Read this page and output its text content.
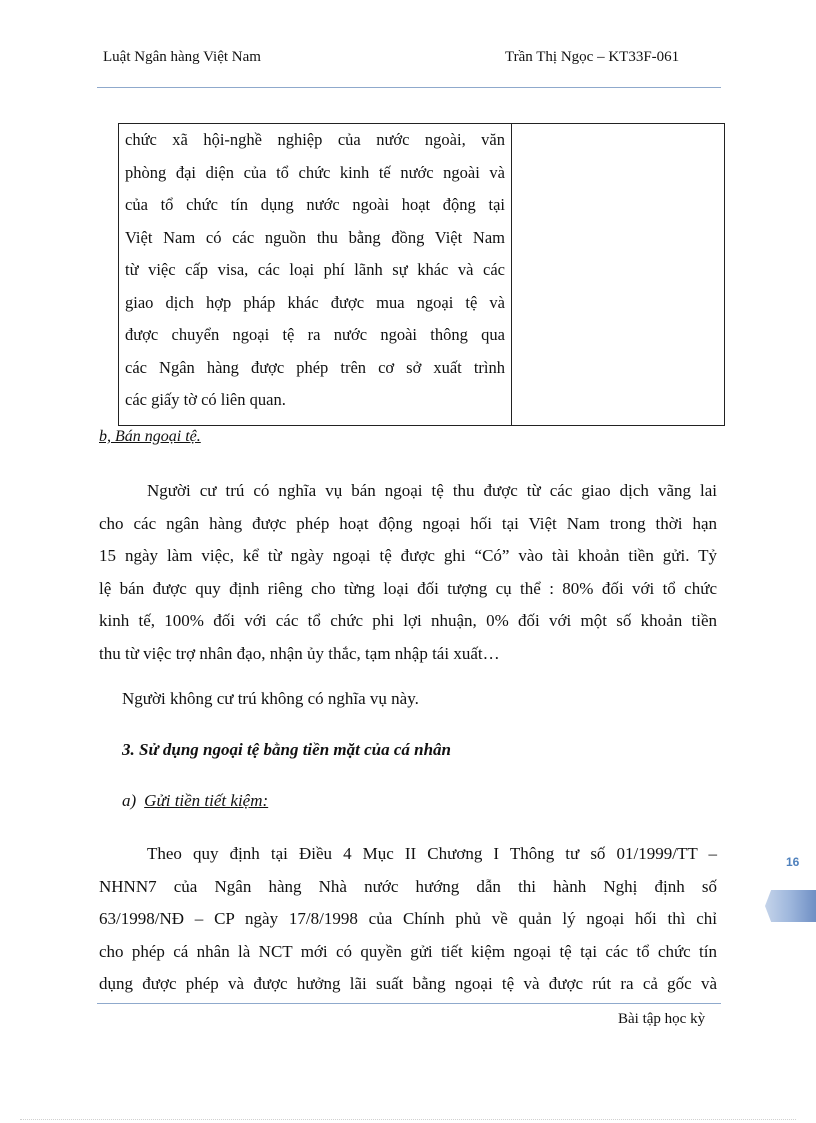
Luật Ngân hàng Việt Nam	Trần Thị Ngọc – KT33F-061
chức xã hội-nghề nghiệp của nước ngoài, văn
phòng đại diện của tổ chức kinh tế nước ngoài và
của tổ chức tín dụng nước ngoài hoạt động tại
Việt Nam có các nguồn thu bằng đồng Việt Nam
từ việc cấp visa, các loại phí lãnh sự khác và các
giao dịch hợp pháp khác được mua ngoại tệ và
được chuyển ngoại tệ ra nước ngoài thông qua
các Ngân hàng được phép trên cơ sở xuất trình
các giấy tờ có liên quan.
b, Bán ngoại tệ.
Người cư trú có nghĩa vụ bán ngoại tệ thu được từ các giao dịch vãng lai
cho các ngân hàng được phép hoạt động ngoại hối tại Việt Nam trong thời hạn
15 ngày làm việc, kể từ ngày ngoại tệ được ghi “Có” vào tài khoản tiền gửi. Tỷ
lệ bán được quy định riêng cho từng loại đối tượng cụ thể : 80% đối với tổ chức
kinh tế, 100% đối với các tổ chức phi lợi nhuận, 0% đối với một số khoản tiền
thu từ việc trợ nhân đạo, nhận ủy thắc, tạm nhập tái xuất…
Người không cư trú không có nghĩa vụ này.
3. Sử dụng ngoại tệ bằng tiền mặt của cá nhân
a) Gửi tiền tiết kiệm:
Theo quy định tại Điều 4 Mục II Chương I Thông tư số 01/1999/TT –
NHNN7 của Ngân hàng Nhà nước hướng dẫn thi hành Nghị định số
63/1998/NĐ – CP ngày 17/8/1998 của Chính phủ về quản lý ngoại hối thì chỉ
cho phép cá nhân là NCT mới có quyền gửi tiết kiệm ngoại tệ tại các tổ chức tín
dụng được phép và được hưởng lãi suất bằng ngoại tệ và được rút ra cả gốc và
16
Bài tập học kỳ
